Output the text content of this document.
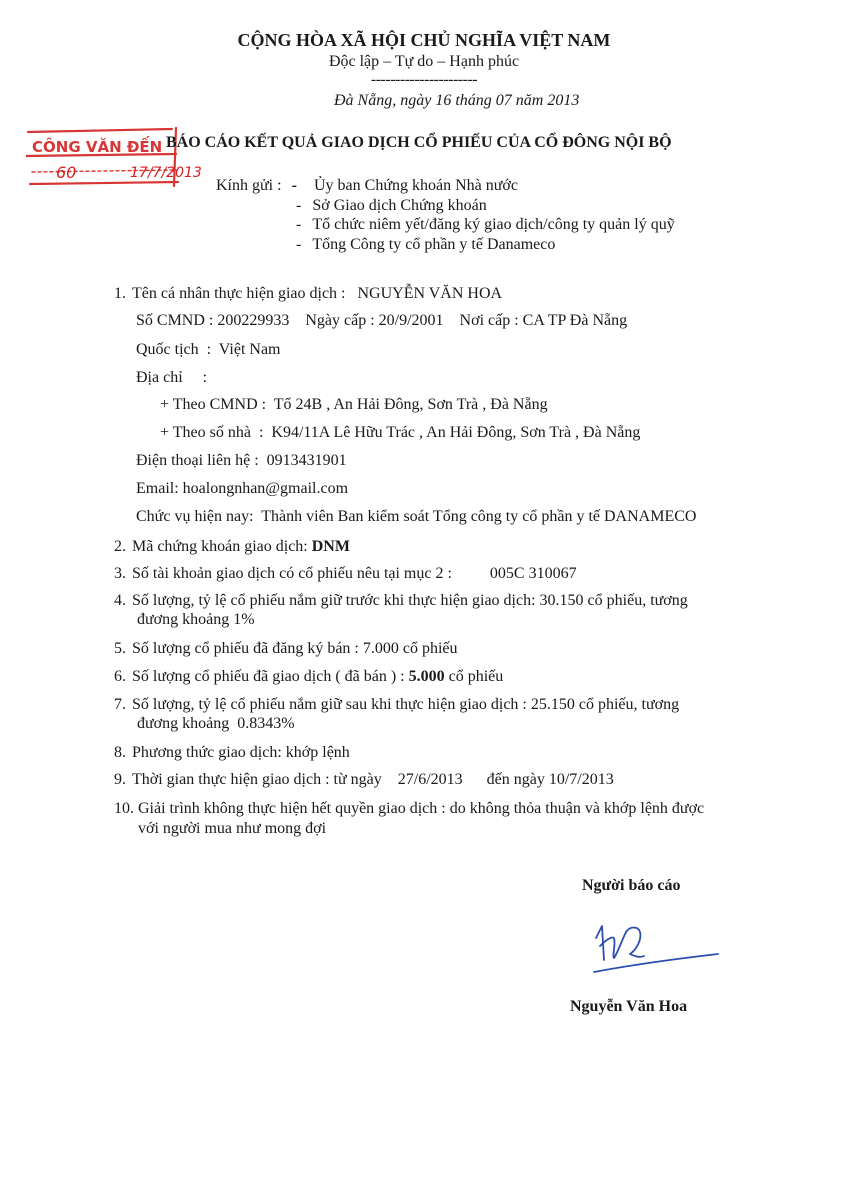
CỘNG HÒA XÃ HỘI CHỦ NGHĨA VIỆT NAM
Độc lập – Tự do – Hạnh phúc
----------------------
Đà Nẵng, ngày 16 tháng 07 năm 2013
CÔNG VĂN ĐẾN
60	17/7/2013
BÁO CÁO KẾT QUẢ GIAO DỊCH CỔ PHIẾU CỦA CỔ ĐÔNG NỘI BỘ
Kính gửi : - Ủy ban Chứng khoán Nhà nước
- Sở Giao dịch Chứng khoán
- Tổ chức niêm yết/đăng ký giao dịch/công ty quản lý quỹ
- Tổng Công ty cổ phần y tế Danameco
1. Tên cá nhân thực hiện giao dịch : NGUYỄN VĂN HOA
Số CMND : 200229933    Ngày cấp : 20/9/2001    Nơi cấp : CA TP Đà Nẵng
Quốc tịch  :  Việt Nam
Địa chỉ     :
+ Theo CMND :  Tổ 24B , An Hải Đông, Sơn Trà , Đà Nẵng
+ Theo số nhà  :  K94/11A Lê Hữu Trác , An Hải Đông, Sơn Trà , Đà Nẵng
Điện thoại liên hệ :  0913431901
Email: hoalongnhan@gmail.com
Chức vụ hiện nay:  Thành viên Ban kiểm soát Tổng công ty cổ phần y tế DANAMECO
2. Mã chứng khoán giao dịch: DNM
3. Số tài khoản giao dịch có cổ phiếu nêu tại mục 2 : 005C 310067
4. Số lượng, tỷ lệ cổ phiếu nắm giữ trước khi thực hiện giao dịch: 30.150 cổ phiếu, tương
đương khoảng 1%
5. Số lượng cổ phiếu đã đăng ký bán : 7.000 cổ phiếu
6. Số lượng cổ phiếu đã giao dịch ( đã bán ) : 5.000 cổ phiếu
7. Số lượng, tỷ lệ cổ phiếu nắm giữ sau khi thực hiện giao dịch : 25.150 cổ phiếu, tương
đương khoảng  0.8343%
8. Phương thức giao dịch: khớp lệnh
9. Thời gian thực hiện giao dịch : từ ngày    27/6/2013      đến ngày 10/7/2013
10. Giải trình không thực hiện hết quyền giao dịch : do không thỏa thuận và khớp lệnh được
với người mua như mong đợi
Người báo cáo
Nguyễn Văn Hoa
